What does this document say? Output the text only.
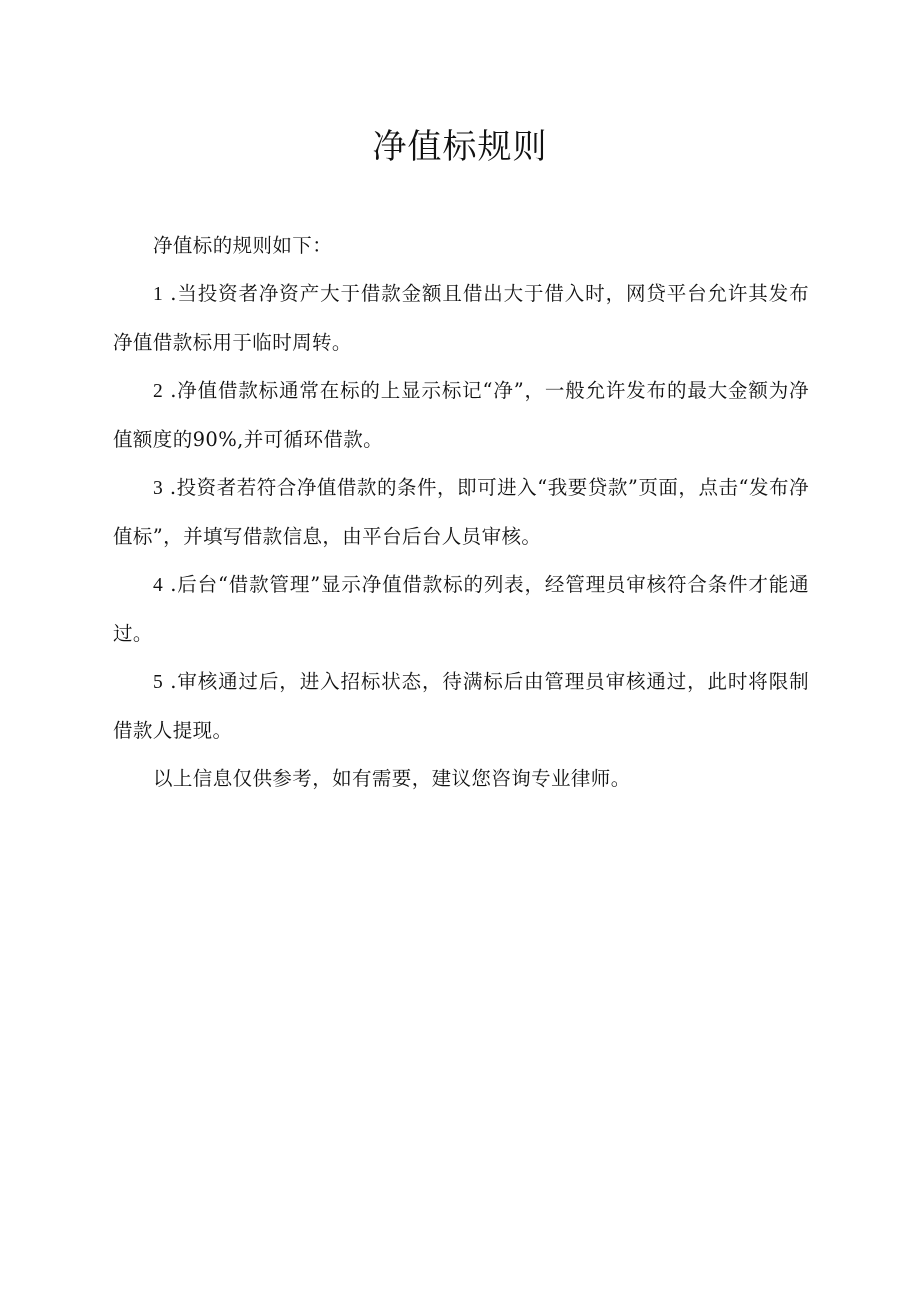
净值标规则

净值标的规则如下：

1 .当投资者净资产大于借款金额且借出大于借入时，网贷平台允许其发布净值借款标用于临时周转。

2 .净值借款标通常在标的上显示标记“净”，一般允许发布的最大金额为净值额度的90%,并可循环借款。

3 .投资者若符合净值借款的条件，即可进入“我要贷款”页面，点击“发布净值标”，并填写借款信息，由平台后台人员审核。

4 .后台“借款管理”显示净值借款标的列表，经管理员审核符合条件才能通过。

5 .审核通过后，进入招标状态，待满标后由管理员审核通过，此时将限制借款人提现。

以上信息仅供参考，如有需要，建议您咨询专业律师。
